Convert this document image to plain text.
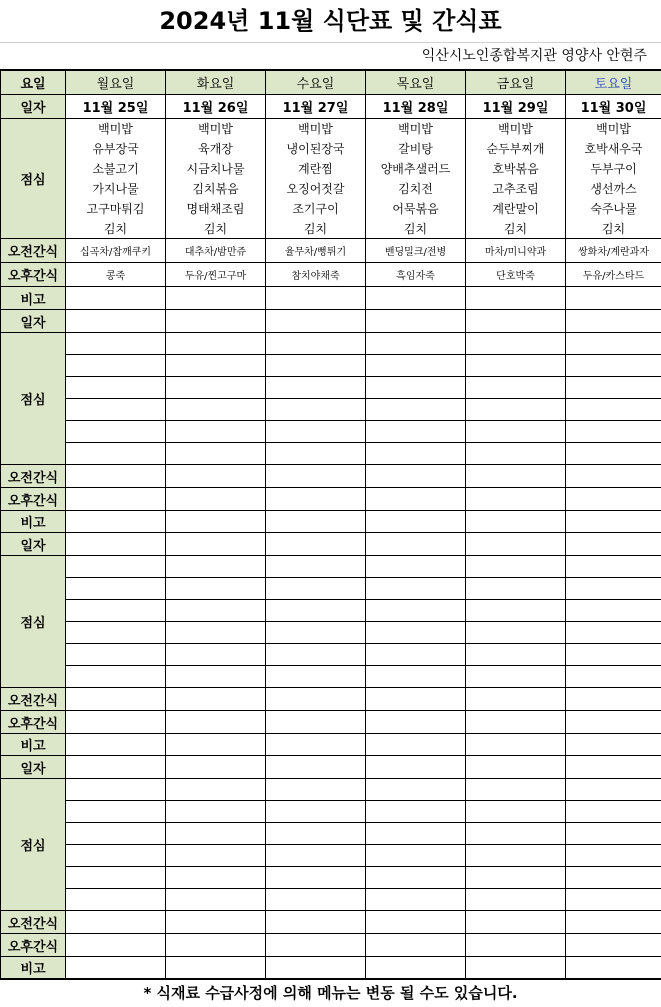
2024년 11월 식단표 및 간식표
익산시노인종합복지관 영양사 안현주
요일	월요일	화요일	수요일	목요일	금요일	토요일
일자	11월 25일	11월 26일	11월 27일	11월 28일	11월 29일	11월 30일
점심	백미밥	백미밥	백미밥	백미밥	백미밥	백미밥
	유부장국	육개장	냉이된장국	갈비탕	순두부찌개	호박새우국
	소불고기	시금치나물	계란찜	양배추샐러드	호박볶음	두부구이
	가지나물	김치볶음	오징어젓갈	김치전	고추조림	생선까스
	고구마튀김	명태채조림	조기구이	어묵볶음	계란말이	숙주나물
	김치	김치	김치	김치	김치	김치
오전간식	십곡차/찹깨쿠키	대추차/밤만쥬	율무차/뻥튀기	밴딩밀크/전병	마차/미니약과	쌍화차/계란과자
오후간식	콩죽	두유/찐고구마	참치야채죽	흑임자죽	단호박죽	두유/카스타드
비고						
일자						
점심						

오전간식						
오후간식						
비고						
일자						
점심						

오전간식						
오후간식						
비고						
일자						
점심						

오전간식						
오후간식						
비고						
* 식재료 수급사정에 의해 메뉴는 변동 될 수도 있습니다.
